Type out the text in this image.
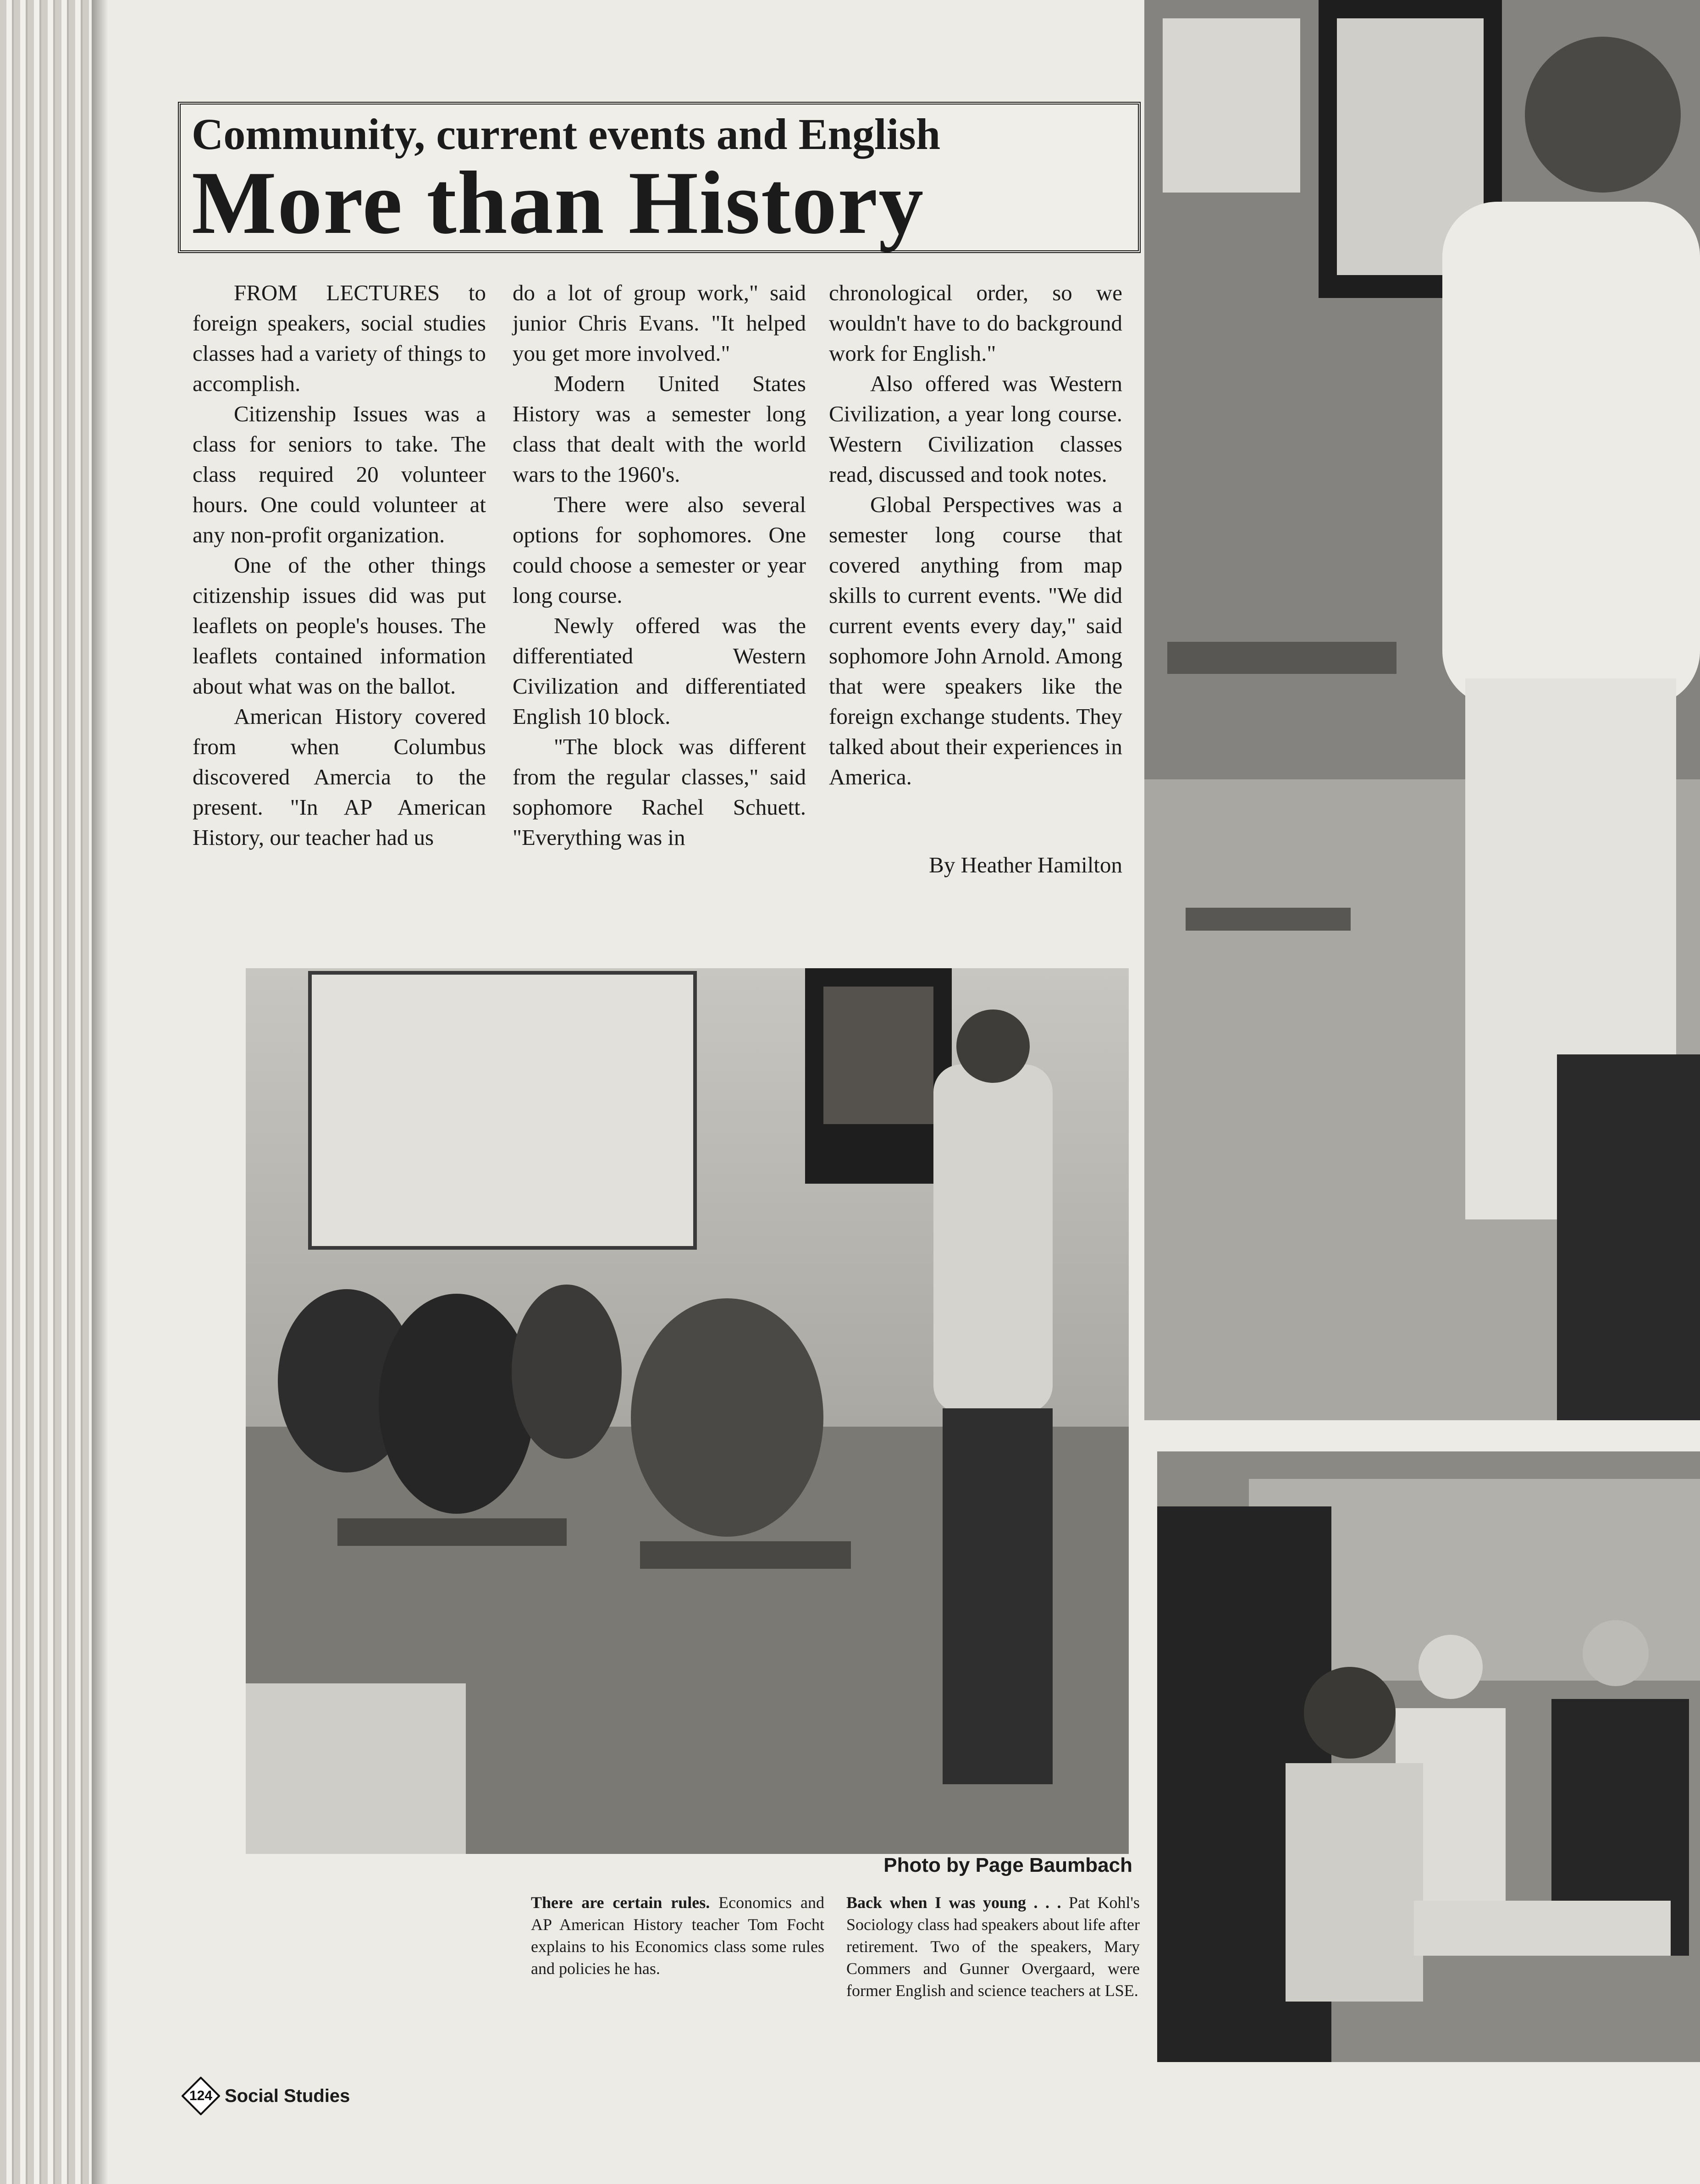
Community, current events and English

More than History

FROM LECTURES to foreign speakers, social studies classes had a variety of things to accomplish.

Citizenship Issues was a class for seniors to take. The class required 20 volunteer hours. One could volunteer at any non-profit organization.

One of the other things citizenship issues did was put leaflets on people's houses. The leaflets contained information about what was on the ballot.

American History covered from when Columbus discovered Amercia to the present. "In AP American History, our teacher had us

do a lot of group work," said junior Chris Evans. "It helped you get more involved."

Modern United States History was a semester long class that dealt with the world wars to the 1960's.

There were also several options for sophomores. One could choose a semester or year long course.

Newly offered was the differentiated Western Civilization and differentiated English 10 block.

"The block was different from the regular classes," said sophomore Rachel Schuett. "Everything was in

chronological order, so we wouldn't have to do background work for English."

Also offered was Western Civilization, a year long course. Western Civilization classes read, discussed and took notes.

Global Perspectives was a semester long course that covered anything from map skills to current events. "We did current events every day," said sophomore John Arnold. Among that were speakers like the foreign exchange students. They talked about their experiences in America.

By Heather Hamilton
Photo by Page Baumbach
There are certain rules. Economics and AP American History teacher Tom Focht explains to his Economics class some rules and policies he has.
Back when I was young . . . Pat Kohl's Sociology class had speakers about life after retirement. Two of the speakers, Mary Commers and Gunner Overgaard, were former English and science teachers at LSE.
124 Social Studies
